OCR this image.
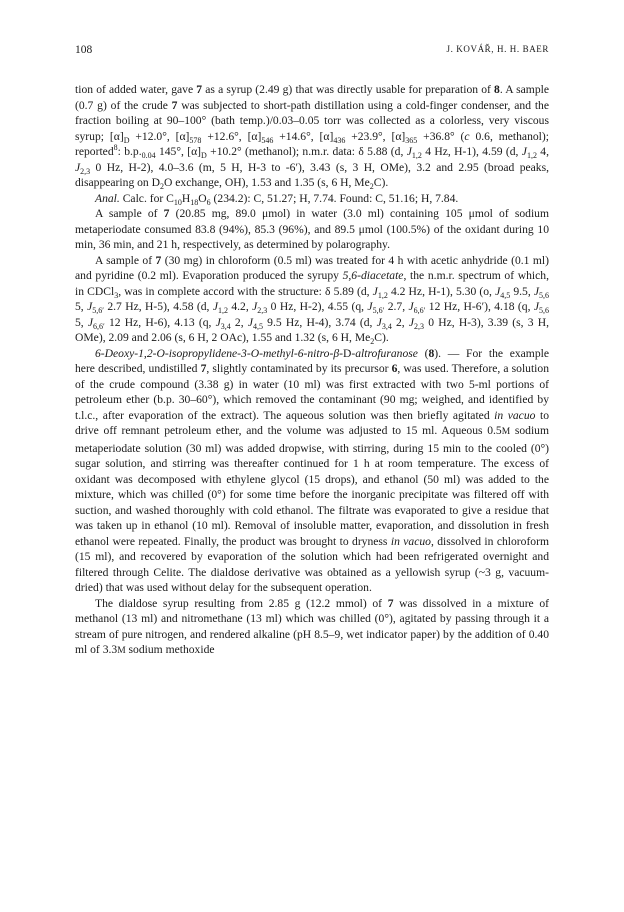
108	J. KOVÁŘ, H. H. BAER

tion of added water, gave 7 as a syrup (2.49 g) that was directly usable for preparation of 8. A sample (0.7 g) of the crude 7 was subjected to short-path distillation using a cold-finger condenser, and the fraction boiling at 90–100° (bath temp.)/0.03–0.05 torr was collected as a colorless, very viscous syrup; $[\alpha]_D +12.0^\circ$, $[\alpha]_{578} +12.6^\circ$, $[\alpha]_{546} +14.6^\circ$, $[\alpha]_{436} +23.9^\circ$, $[\alpha]_{365} +36.8^\circ$ (c 0.6, methanol); reported$^8$: $b.p._{0.04}$ 145°, $[\alpha]_D +10.2^\circ$ (methanol); n.m.r. data: δ 5.88 (d, $J_{1,2}$ 4 Hz, H-1), 4.59 (d, $J_{1,2}$ 4, $J_{2,3}$ 0 Hz, H-2), 4.0–3.6 (m, 5 H, H-3 to -6′), 3.43 (s, 3 H, OMe), 3.2 and 2.95 (broad peaks, disappearing on $D_2O$ exchange, OH), 1.53 and 1.35 (s, 6 H, $Me_2C$).

Anal. Calc. for $C_{10}H_{18}O_6$ (234.2): C, 51.27; H, 7.74. Found: C, 51.16; H, 7.84.

A sample of 7 (20.85 mg, 89.0 μmol) in water (3.0 ml) containing 105 μmol of sodium metaperiodate consumed 83.8 (94%), 85.3 (96%), and 89.5 μmol (100.5%) of the oxidant during 10 min, 36 min, and 21 h, respectively, as determined by polarography.

A sample of 7 (30 mg) in chloroform (0.5 ml) was treated for 4 h with acetic anhydride (0.1 ml) and pyridine (0.2 ml). Evaporation produced the syrupy 5,6-diacetate, the n.m.r. spectrum of which, in CDCl$_3$, was in complete accord with the structure: δ 5.89 (d, $J_{1,2}$ 4.2 Hz, H-1), 5.30 (o, $J_{4,5}$ 9.5, $J_{5,6}$ 5, $J_{5,6'}$ 2.7 Hz, H-5), 4.58 (d, $J_{1,2}$ 4.2, $J_{2,3}$ 0 Hz, H-2), 4.55 (q, $J_{5,6'}$ 2.7, $J_{6,6'}$ 12 Hz, H-6′), 4.18 (q, $J_{5,6}$ 5, $J_{6,6'}$ 12 Hz, H-6), 4.13 (q, $J_{3,4}$ 2, $J_{4,5}$ 9.5 Hz, H-4), 3.74 (d, $J_{3,4}$ 2, $J_{2,3}$ 0 Hz, H-3), 3.39 (s, 3 H, OMe), 2.09 and 2.06 (s, 6 H, 2 OAc), 1.55 and 1.32 (s, 6 H, $Me_2C$).

6-Deoxy-1,2-O-isopropylidene-3-O-methyl-6-nitro-β-D-altrofuranose (8). — For the example here described, undistilled 7, slightly contaminated by its precursor 6, was used. Therefore, a solution of the crude compound (3.38 g) in water (10 ml) was first extracted with two 5-ml portions of petroleum ether (b.p. 30–60°), which removed the contaminant (90 mg; weighed, and identified by t.l.c., after evaporation of the extract). The aqueous solution was then briefly agitated in vacuo to drive off remnant petroleum ether, and the volume was adjusted to 15 ml. Aqueous 0.5M sodium metaperiodate solution (30 ml) was added dropwise, with stirring, during 15 min to the cooled (0°) sugar solution, and stirring was thereafter continued for 1 h at room temperature. The excess of oxidant was decomposed with ethylene glycol (15 drops), and ethanol (50 ml) was added to the mixture, which was chilled (0°) for some time before the inorganic precipitate was filtered off with suction, and washed thoroughly with cold ethanol. The filtrate was evaporated to give a residue that was taken up in ethanol (10 ml). Removal of insoluble matter, evaporation, and dissolution in fresh ethanol were repeated. Finally, the product was brought to dryness in vacuo, dissolved in chloroform (15 ml), and recovered by evaporation of the solution which had been refrigerated overnight and filtered through Celite. The dialdose derivative was obtained as a yellowish syrup (~3 g, vacuum-dried) that was used without delay for the subsequent operation.

The dialdose syrup resulting from 2.85 g (12.2 mmol) of 7 was dissolved in a mixture of methanol (13 ml) and nitromethane (13 ml) which was chilled (0°), agitated by passing through it a stream of pure nitrogen, and rendered alkaline (pH 8.5–9, wet indicator paper) by the addition of 0.40 ml of 3.3M sodium methoxide
